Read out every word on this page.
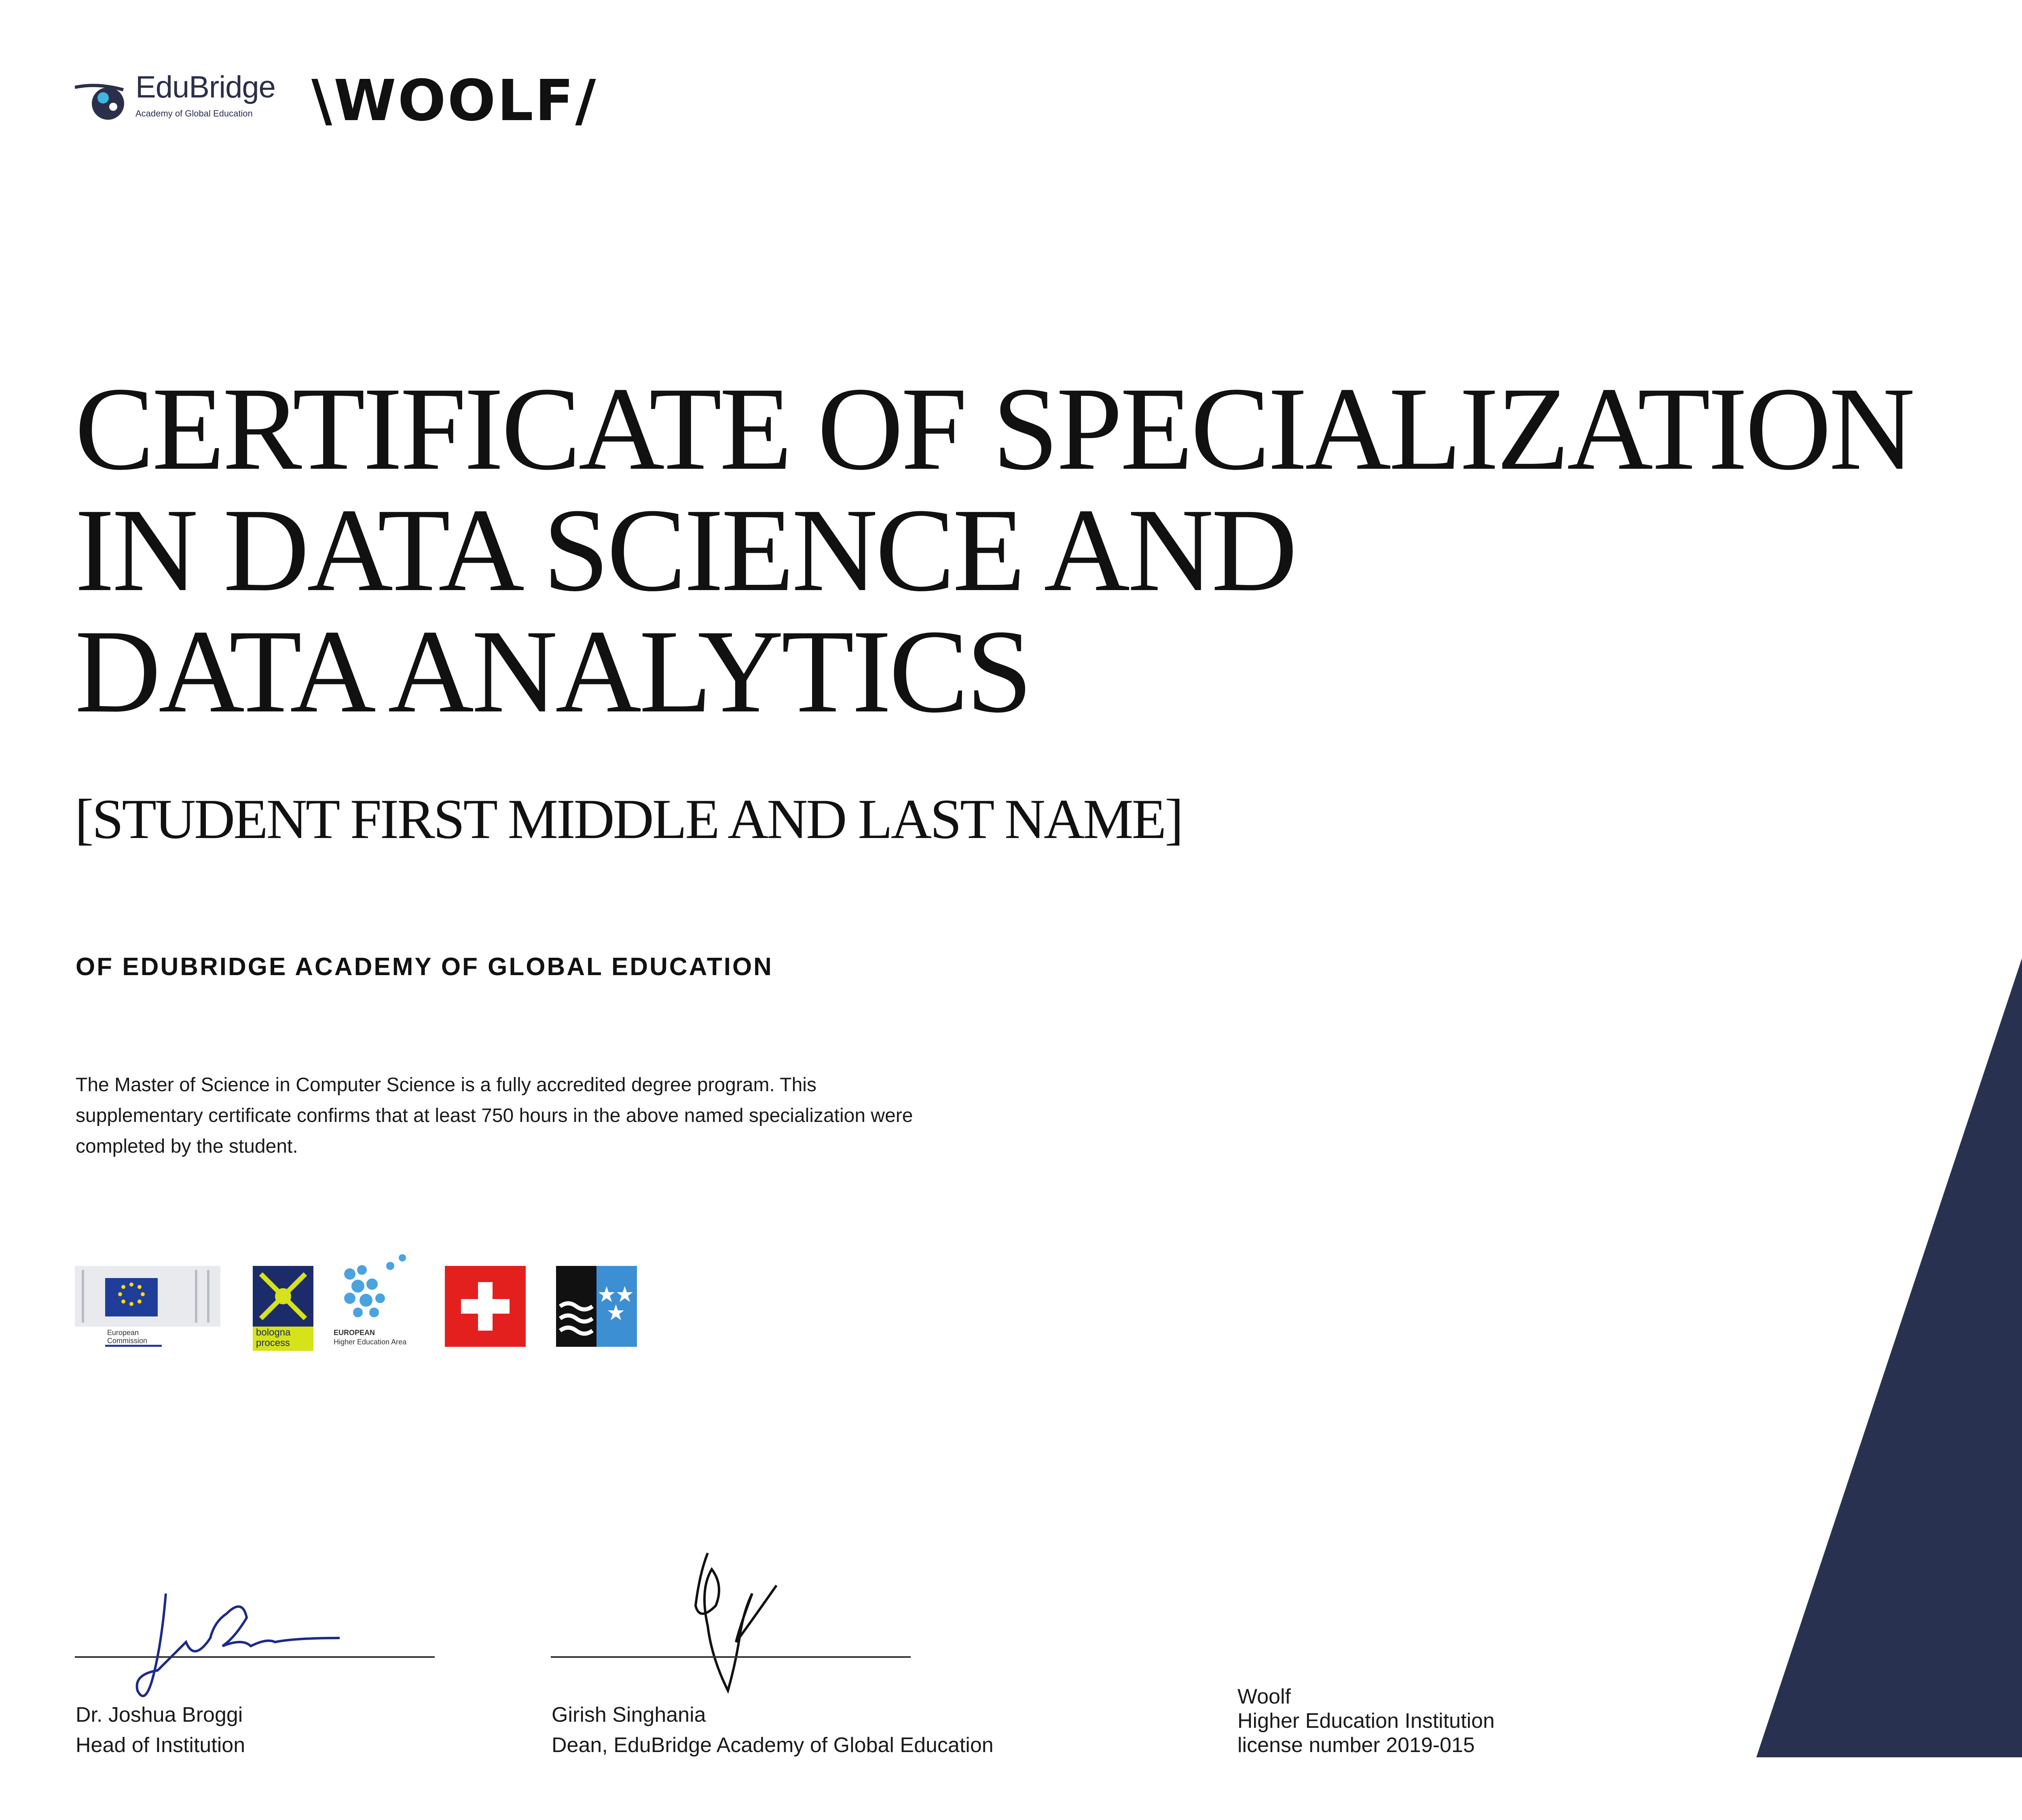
EduBridge
Academy of Global Education \WOOLF/
CERTIFICATE OF SPECIALIZATION
IN DATA SCIENCE AND
DATA ANALYTICS
[STUDENT FIRST MIDDLE AND LAST NAME]
OF EDUBRIDGE ACADEMY OF GLOBAL EDUCATION
The Master of Science in Computer Science is a fully accredited degree program. This supplementary certificate confirms that at least 750 hours in the above named specialization were completed by the student.
European Commission
bologna process
EUROPEAN
Higher Education Area
Dr. Joshua Broggi
Head of Institution
Girish Singhania
Dean, EduBridge Academy of Global Education
Woolf
Higher Education Institution
license number 2019-015
